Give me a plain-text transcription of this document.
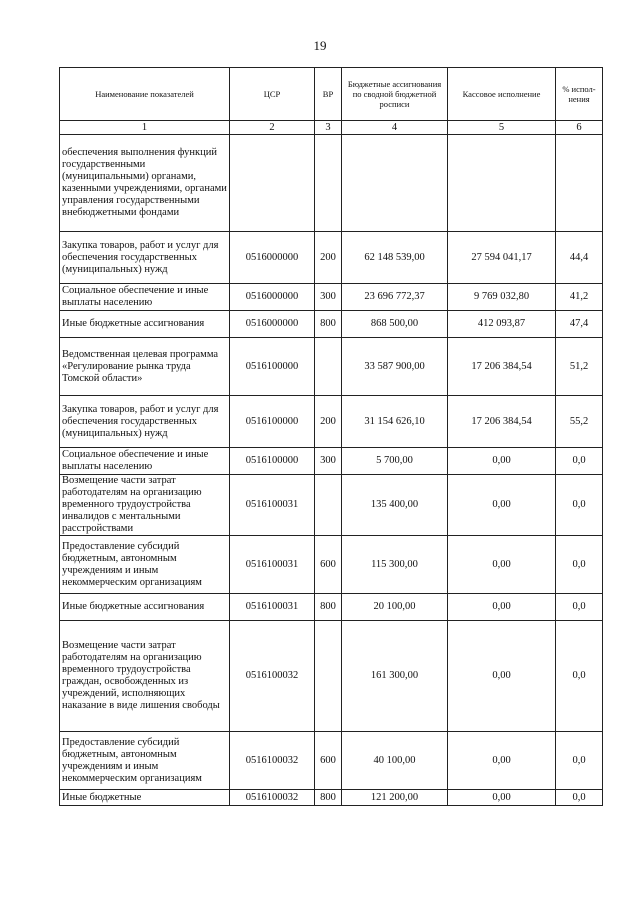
19
Наименование показателей	ЦСР	ВР	Бюджетные ассигнования по сводной бюджетной росписи	Кассовое исполнение	% испол-нения
1	2	3	4	5	6
обеспечения выполнения функций государственными (муниципальными) органами, казенными учреждениями, органами управления государственными внебюджетными фондами					
Закупка товаров, работ и услуг для обеспечения государственных (муниципальных) нужд	0516000000	200	62 148 539,00	27 594 041,17	44,4
Социальное обеспечение и иные выплаты населению	0516000000	300	23 696 772,37	9 769 032,80	41,2
Иные бюджетные ассигнования	0516000000	800	868 500,00	412 093,87	47,4
Ведомственная целевая программа «Регулирование рынка труда Томской области»	0516100000		33 587 900,00	17 206 384,54	51,2
Закупка товаров, работ и услуг для обеспечения государственных (муниципальных) нужд	0516100000	200	31 154 626,10	17 206 384,54	55,2
Социальное обеспечение и иные выплаты населению	0516100000	300	5 700,00	0,00	0,0
Возмещение части затрат работодателям на организацию временного трудоустройства инвалидов с ментальными расстройствами	0516100031		135 400,00	0,00	0,0
Предоставление субсидий бюджетным, автономным учреждениям и иным некоммерческим организациям	0516100031	600	115 300,00	0,00	0,0
Иные бюджетные ассигнования	0516100031	800	20 100,00	0,00	0,0
Возмещение части затрат работодателям на организацию временного трудоустройства граждан, освобожденных из учреждений, исполняющих наказание в виде лишения свободы	0516100032		161 300,00	0,00	0,0
Предоставление субсидий бюджетным, автономным учреждениям и иным некоммерческим организациям	0516100032	600	40 100,00	0,00	0,0
Иные бюджетные	0516100032	800	121 200,00	0,00	0,0
